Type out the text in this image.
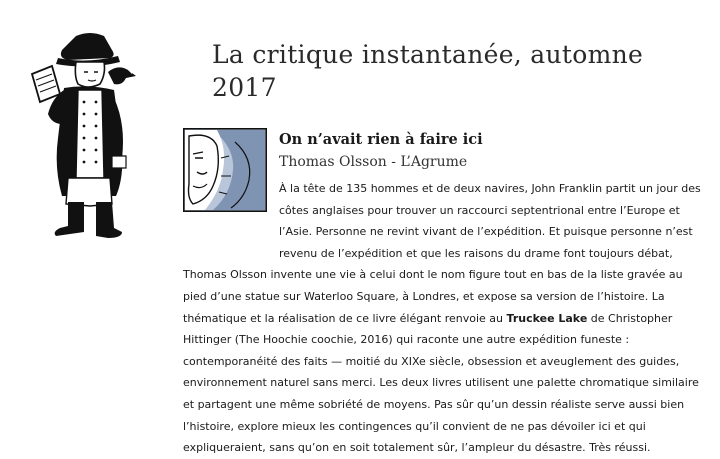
La critique instantanée, automne 2017
On n’avait rien à faire ici

Thomas Olsson - L’Agrume

À la tête de 135 hommes et de deux navires, John Franklin partit un jour des côtes anglaises pour trouver un raccourci septentrional entre l’Europe et l’Asie. Personne ne revint vivant de l’expédition. Et puisque personne n’est revenu de l’expédition et que les raisons du drame font toujours débat, Thomas Olsson invente une vie à celui dont le nom figure tout en bas de la liste gravée au pied d’une statue sur Waterloo Square, à Londres, et expose sa version de l’histoire. La thématique et la réalisation de ce livre élégant renvoie au Truckee Lake de Christopher Hittinger (The Hoochie coochie, 2016) qui raconte une autre expédition funeste : contemporanéité des faits — moitié du XIXe siècle, obsession et aveuglement des guides, environnement naturel sans merci. Les deux livres utilisent une palette chromatique similaire et partagent une même sobriété de moyens. Pas sûr qu’un dessin réaliste serve aussi bien l’histoire, explore mieux les contingences qu’il convient de ne pas dévoiler ici et qui expliqueraient, sans qu’on en soit totalement sûr, l’ampleur du désastre. Très réussi.
